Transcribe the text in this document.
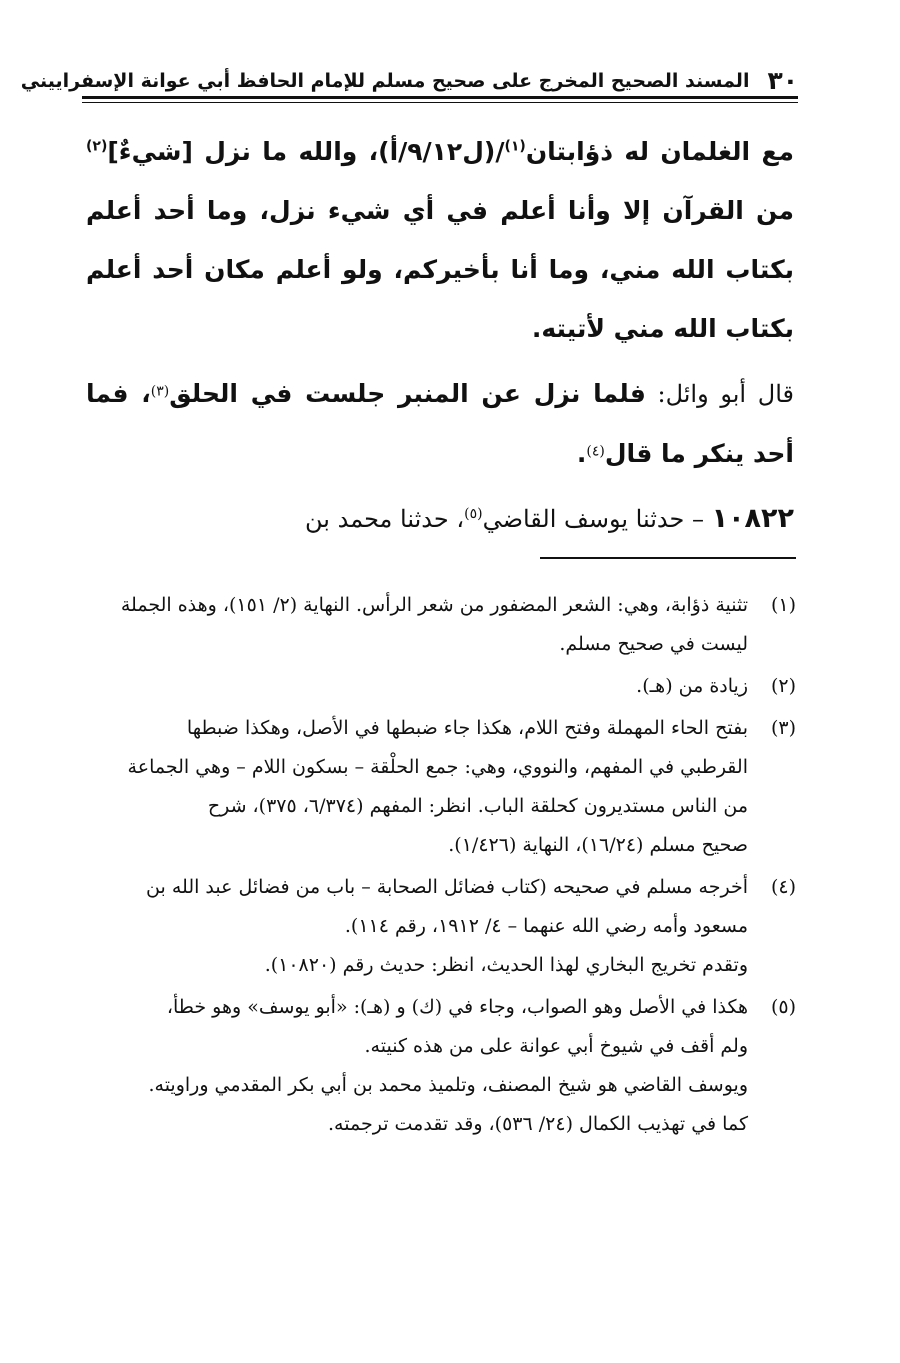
٣٠
المسند الصحيح المخرج على صحيح مسلم للإمام الحافظ أبي عوانة الإسفراييني

مع الغلمان له ذؤابتان$^{(١)}$/(ل٩/١٢/أ)، والله ما نزل [شيءٌ]$^{(٢)}$ من القرآن إلا وأنا أعلم في أي شيء نزل، وما أحد أعلم بكتاب الله مني، وما أنا بأخيركم، ولو أعلم مكان أحد أعلم بكتاب الله مني لأتيته.

قال أبو وائل: فلما نزل عن المنبر جلست في الحلق$^{(٣)}$، فما أحد ينكر ما قال$^{(٤)}$.

١٠٨٢٢ – حدثنا يوسف القاضي$^{(٥)}$، حدثنا محمد بن

(١)
تثنية ذؤابة، وهي: الشعر المضفور من شعر الرأس. النهاية (٢/ ١٥١)، وهذه الجملة
ليست في صحيح مسلم.
(٢)
زيادة من (هـ).
(٣)
بفتح الحاء المهملة وفتح اللام، هكذا جاء ضبطها في الأصل، وهكذا ضبطها
القرطبي في المفهم، والنووي، وهي: جمع الحلْقة – بسكون اللام – وهي الجماعة
من الناس مستديرون كحلقة الباب. انظر: المفهم (٦/٣٧٤، ٣٧٥)، شرح
صحيح مسلم (١٦/٢٤)، النهاية (١/٤٢٦).
(٤)
أخرجه مسلم في صحيحه (كتاب فضائل الصحابة – باب من فضائل عبد الله بن
مسعود وأمه رضي الله عنهما – ٤/ ١٩١٢، رقم ١١٤).
وتقدم تخريج البخاري لهذا الحديث، انظر: حديث رقم (١٠٨٢٠).
(٥)
هكذا في الأصل وهو الصواب، وجاء في (ك) و (هـ): «أبو يوسف» وهو خطأ،
ولم أقف في شيوخ أبي عوانة على من هذه كنيته.
ويوسف القاضي هو شيخ المصنف، وتلميذ محمد بن أبي بكر المقدمي وراويته.
كما في تهذيب الكمال (٢٤/ ٥٣٦)، وقد تقدمت ترجمته.
